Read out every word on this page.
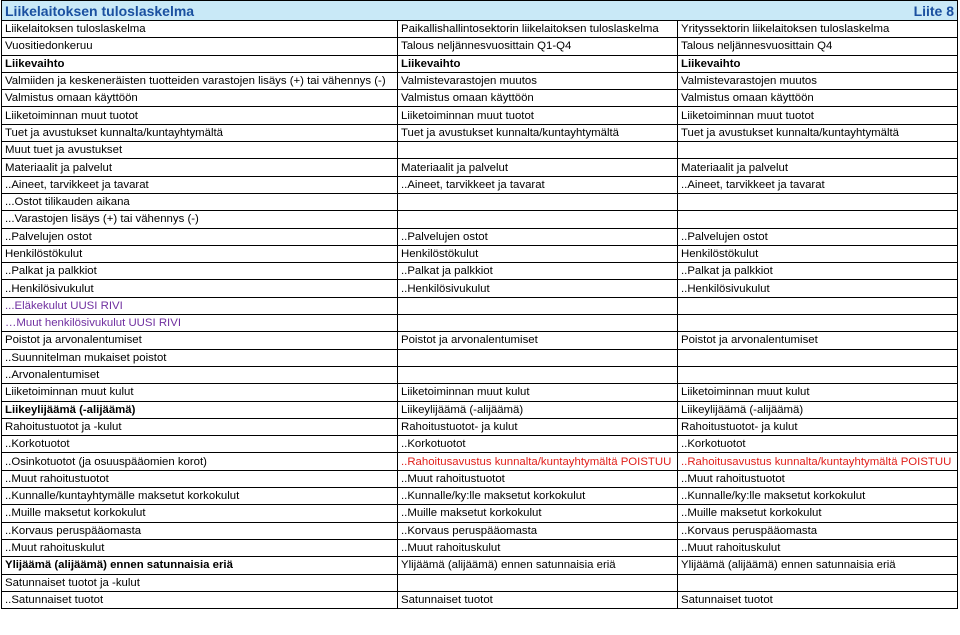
Liikelaitoksen tuloslaskelma Liite 8		

Liikelaitoksen tuloslaskelma	Paikallishallintosektorin liikelaitoksen tuloslaskelma	Yrityssektorin liikelaitoksen tuloslaskelma
Vuositiedonkeruu	Talous neljännesvuosittain Q1-Q4	Talous neljännesvuosittain Q4
Liikevaihto	Liikevaihto	Liikevaihto
Valmiiden ja keskeneräisten tuotteiden varastojen lisäys (+) tai vähennys (-)	Valmistevarastojen muutos	Valmistevarastojen muutos
Valmistus omaan käyttöön	Valmistus omaan käyttöön	Valmistus omaan käyttöön
Liiketoiminnan muut tuotot	Liiketoiminnan muut tuotot	Liiketoiminnan muut tuotot
Tuet ja avustukset kunnalta/kuntayhtymältä	Tuet ja avustukset kunnalta/kuntayhtymältä	Tuet ja avustukset kunnalta/kuntayhtymältä
Muut tuet ja avustukset		
Materiaalit ja palvelut	Materiaalit ja palvelut	Materiaalit ja palvelut
..Aineet, tarvikkeet ja tavarat	..Aineet, tarvikkeet ja tavarat	..Aineet, tarvikkeet ja tavarat
...Ostot tilikauden aikana		
...Varastojen lisäys (+) tai vähennys (-)		
..Palvelujen ostot	..Palvelujen ostot	..Palvelujen ostot
Henkilöstökulut	Henkilöstökulut	Henkilöstökulut
..Palkat ja palkkiot	..Palkat ja palkkiot	..Palkat ja palkkiot
..Henkilösivukulut	..Henkilösivukulut	..Henkilösivukulut
...Eläkekulut UUSI RIVI		
…Muut henkilösivukulut UUSI RIVI		
Poistot ja arvonalentumiset	Poistot ja arvonalentumiset	Poistot ja arvonalentumiset
..Suunnitelman mukaiset poistot		
..Arvonalentumiset		
Liiketoiminnan muut kulut	Liiketoiminnan muut kulut	Liiketoiminnan muut kulut
Liikeylijäämä (-alijäämä)	Liikeylijäämä (-alijäämä)	Liikeylijäämä (-alijäämä)
Rahoitustuotot ja -kulut	Rahoitustuotot- ja kulut	Rahoitustuotot- ja kulut
..Korkotuotot	..Korkotuotot	..Korkotuotot
..Osinkotuotot (ja osuuspääomien korot)	..Rahoitusavustus kunnalta/kuntayhtymältä POISTUU	..Rahoitusavustus kunnalta/kuntayhtymältä POISTUU
..Muut rahoitustuotot	..Muut rahoitustuotot	..Muut rahoitustuotot
..Kunnalle/kuntayhtymälle maksetut korkokulut	..Kunnalle/ky:lle maksetut korkokulut	..Kunnalle/ky:lle maksetut korkokulut
..Muille maksetut korkokulut	..Muille maksetut korkokulut	..Muille maksetut korkokulut
..Korvaus peruspääomasta	..Korvaus peruspääomasta	..Korvaus peruspääomasta
..Muut rahoituskulut	..Muut rahoituskulut	..Muut rahoituskulut
Ylijäämä (alijäämä) ennen satunnaisia eriä	Ylijäämä (alijäämä) ennen satunnaisia eriä	Ylijäämä (alijäämä) ennen satunnaisia eriä
Satunnaiset tuotot ja -kulut		
..Satunnaiset tuotot	Satunnaiset tuotot	Satunnaiset tuotot
